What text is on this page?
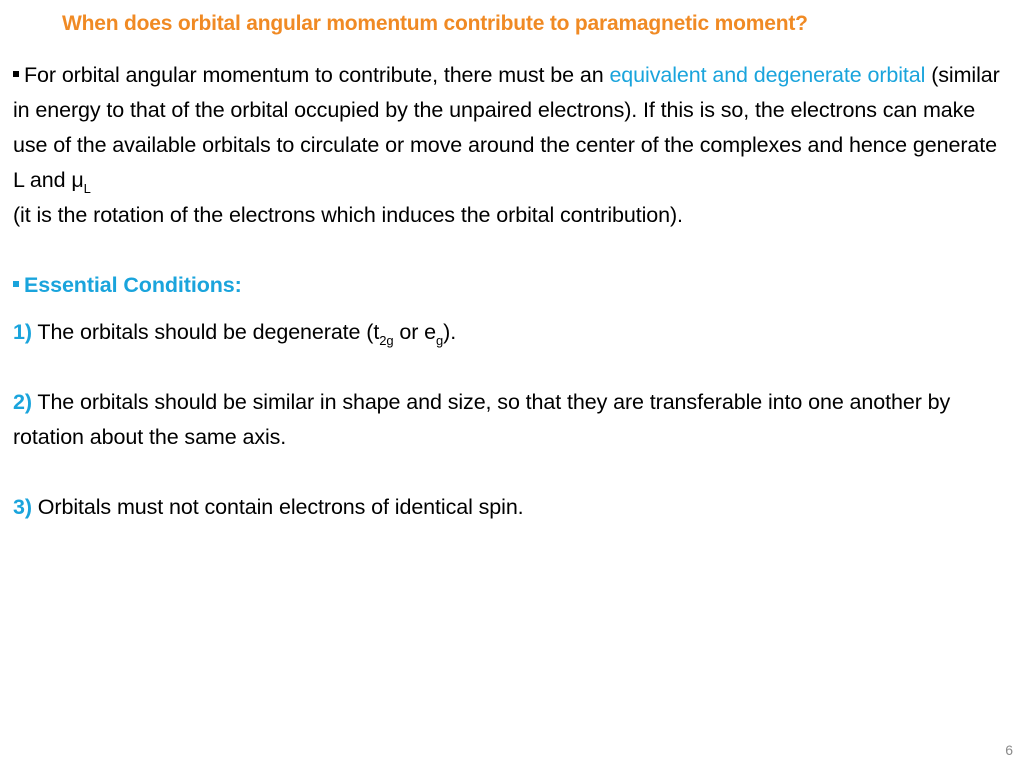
When does orbital angular momentum contribute to paramagnetic moment?

For orbital angular momentum to contribute, there must be an equivalent and degenerate orbital (similar in energy to that of the orbital occupied by the unpaired electrons). If this is so, the electrons can make use of the available orbitals to circulate or move around the center of the complexes and hence generate L and $\mu_L$
(it is the rotation of the electrons which induces the orbital contribution).

Essential Conditions:

1) The orbitals should be degenerate ($t_{2g}$ or $e_g$).

2) The orbitals should be similar in shape and size, so that they are transferable into one another by rotation about the same axis.

3) Orbitals must not contain electrons of identical spin.

6
